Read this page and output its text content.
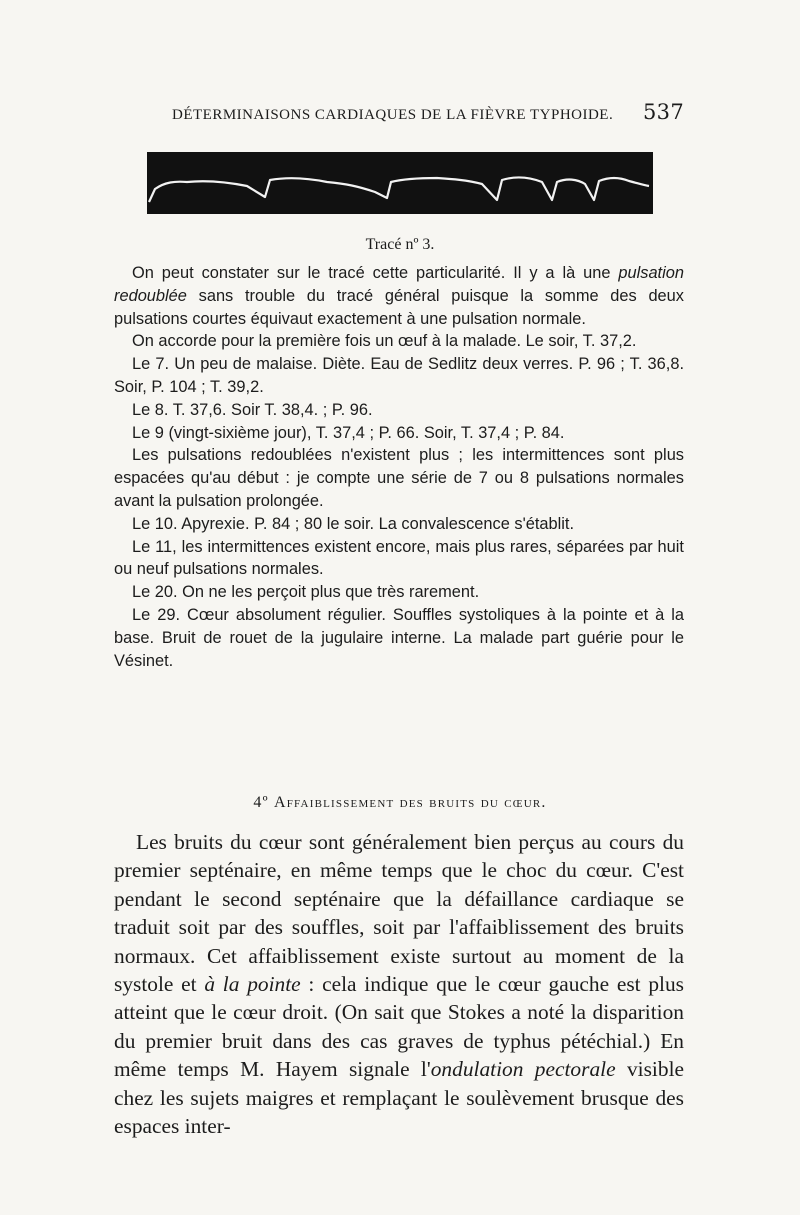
DÉTERMINAISONS CARDIAQUES DE LA FIÈVRE TYPHOIDE. 537
Tracé nº 3.

On peut constater sur le tracé cette particularité. Il y a là une pulsation redoublée sans trouble du tracé général puisque la somme des deux pulsations courtes équivaut exactement à une pulsation normale.

On accorde pour la première fois un œuf à la malade. Le soir, T. 37,2.

Le 7. Un peu de malaise. Diète. Eau de Sedlitz deux verres. P. 96 ; T. 36,8. Soir, P. 104 ; T. 39,2.

Le 8. T. 37,6. Soir T. 38,4. ; P. 96.

Le 9 (vingt-sixième jour), T. 37,4 ; P. 66. Soir, T. 37,4 ; P. 84.

Les pulsations redoublées n'existent plus ; les intermittences sont plus espacées qu'au début : je compte une série de 7 ou 8 pulsations normales avant la pulsation prolongée.

Le 10. Apyrexie. P. 84 ; 80 le soir. La convalescence s'établit.

Le 11, les intermittences existent encore, mais plus rares, séparées par huit ou neuf pulsations normales.

Le 20. On ne les perçoit plus que très rarement.

Le 29. Cœur absolument régulier. Souffles systoliques à la pointe et à la base. Bruit de rouet de la jugulaire interne. La malade part guérie pour le Vésinet.

4º Affaiblissement des bruits du cœur.

Les bruits du cœur sont généralement bien perçus au cours du premier septénaire, en même temps que le choc du cœur. C'est pendant le second septénaire que la défaillance cardiaque se traduit soit par des souffles, soit par l'affaiblissement des bruits normaux. Cet affaiblissement existe surtout au moment de la systole et à la pointe : cela indique que le cœur gauche est plus atteint que le cœur droit. (On sait que Stokes a noté la disparition du premier bruit dans des cas graves de typhus pétéchial.) En même temps M. Hayem signale l'ondulation pectorale visible chez les sujets maigres et remplaçant le soulèvement brusque des espaces inter-
